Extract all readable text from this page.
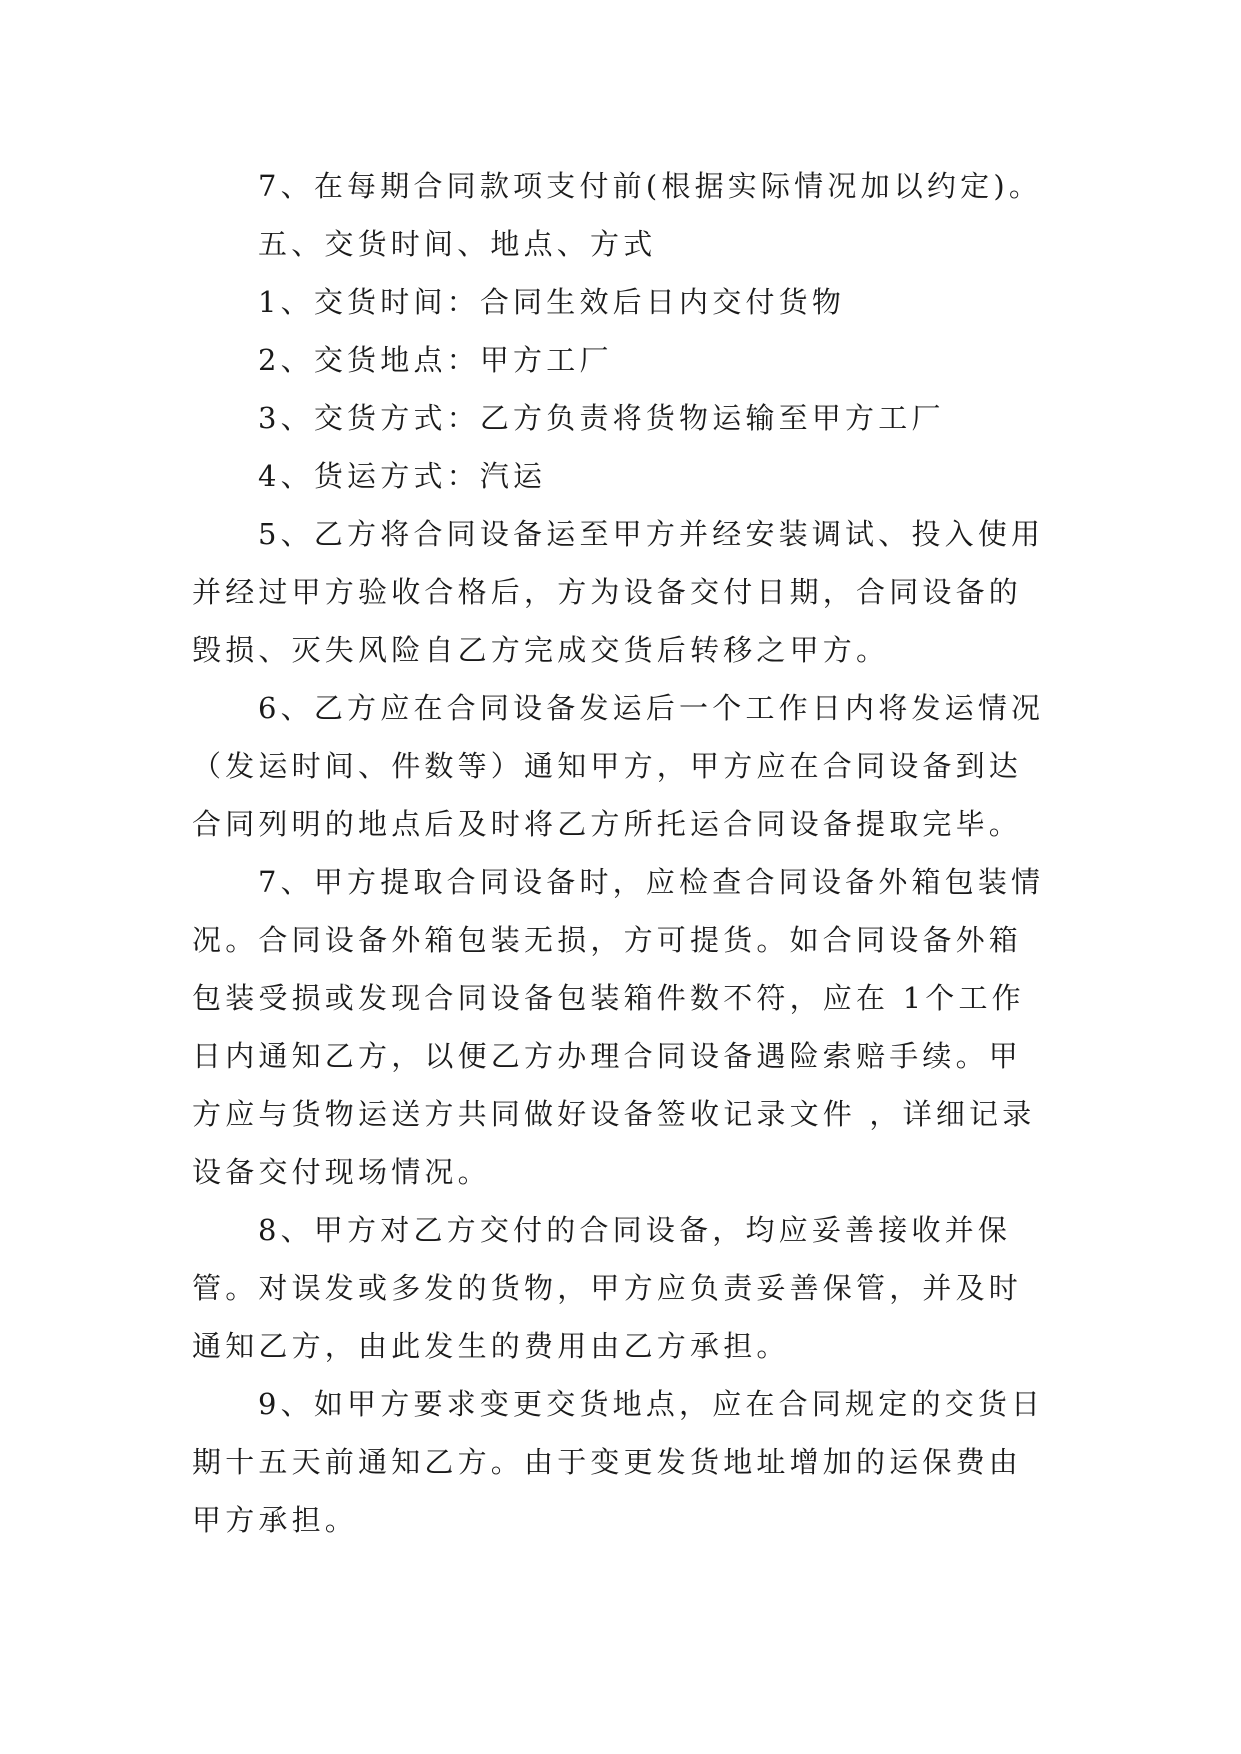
7、在每期合同款项支付前(根据实际情况加以约定)。

五、交货时间、地点、方式

1、交货时间：合同生效后日内交付货物

2、交货地点：甲方工厂

3、交货方式：乙方负责将货物运输至甲方工厂

4、货运方式：汽运

5、乙方将合同设备运至甲方并经安装调试、投入使用并经过甲方验收合格后，方为设备交付日期，合同设备的毁损、灭失风险自乙方完成交货后转移之甲方。

6、乙方应在合同设备发运后一个工作日内将发运情况（发运时间、件数等）通知甲方，甲方应在合同设备到达合同列明的地点后及时将乙方所托运合同设备提取完毕。

7、甲方提取合同设备时，应检查合同设备外箱包装情况。合同设备外箱包装无损，方可提货。如合同设备外箱包装受损或发现合同设备包装箱件数不符，应在 1个工作日内通知乙方，以便乙方办理合同设备遇险索赔手续。甲方应与货物运送方共同做好设备签收记录文件 ，详细记录设备交付现场情况。

8、甲方对乙方交付的合同设备，均应妥善接收并保管。对误发或多发的货物，甲方应负责妥善保管，并及时通知乙方，由此发生的费用由乙方承担。

9、如甲方要求变更交货地点，应在合同规定的交货日期十五天前通知乙方。由于变更发货地址增加的运保费由甲方承担。
